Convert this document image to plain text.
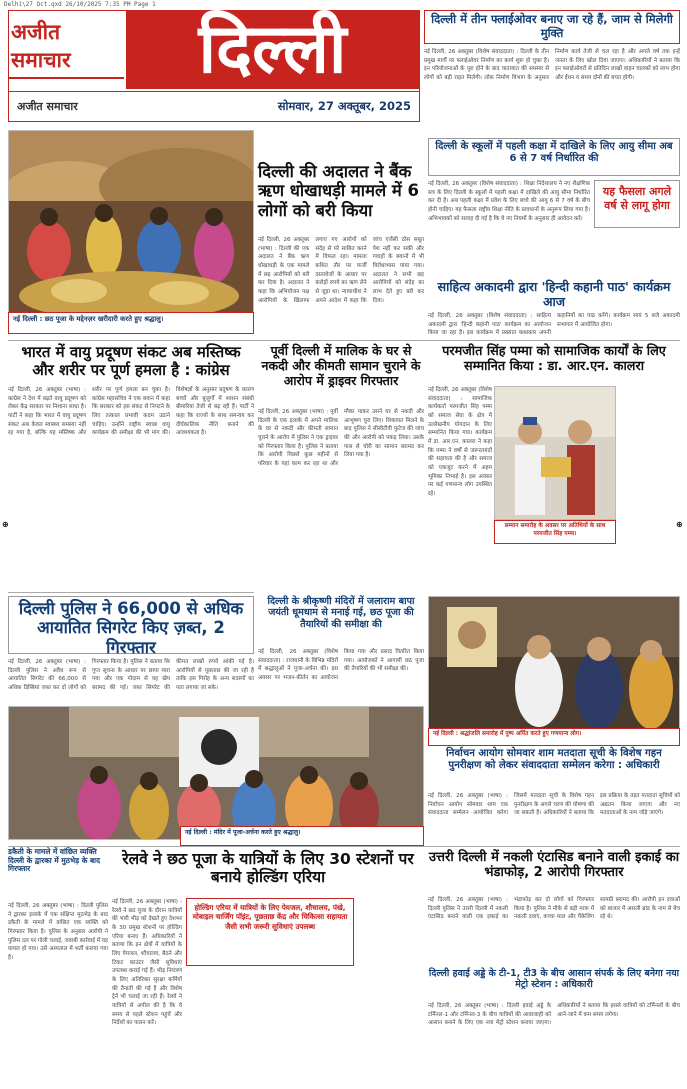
Delhi\27 Oct.qxd 26/10/2025 7:35 PM Page 1
अजीत समाचार	दिल्ली
अजीत समाचार	सोमवार, 27 अक्तूबर, 2025
दिल्ली में तीन फ्लाईओवर बनाए जा रहे हैं, जाम से मिलेगी मुक्ति
नई दिल्ली, 26 अक्तूबर (विशेष संवाददाता) : दिल्ली के तीन प्रमुख मार्गों पर फ्लाईओवर निर्माण का कार्य शुरू हो चुका है। इन परियोजनाओं के पूरा होने के बाद यातायात की समस्या से लोगों को बड़ी राहत मिलेगी। लोक निर्माण विभाग के अनुसार निर्माण कार्य तेजी से चल रहा है और अगले वर्ष तक इन्हें जनता के लिए खोल दिया जाएगा। अधिकारियों ने बताया कि इन फ्लाईओवरों से प्रतिदिन लाखों वाहन चालकों को लाभ होगा और ईंधन व समय दोनों की बचत होगी।
दिल्ली की अदालत ने बैंक ऋण धोखाधड़ी मामले में 6 लोगों को बरी किया
नई दिल्ली, 26 अक्तूबर (भाषा) : दिल्ली की एक अदालत ने बैंक ऋण धोखाधड़ी के एक मामले में छह आरोपियों को बरी कर दिया है। अदालत ने कहा कि अभियोजन पक्ष आरोपियों के खिलाफ लगाए गए आरोपों को संदेह से परे साबित करने में विफल रहा। मामला कथित तौर पर फर्जी दस्तावेजों के आधार पर करोड़ों रुपये का ऋण लेने से जुड़ा था। न्यायाधीश ने अपने आदेश में कहा कि जांच एजेंसी ठोस सबूत पेश नहीं कर सकी और गवाहों के बयानों में भी विरोधाभास पाया गया। अदालत ने सभी छह आरोपियों को संदेह का लाभ देते हुए बरी कर दिया।
नई दिल्ली : छठ पूजा के मद्देनज़र खरीदारी करते हुए श्रद्धालु।
दिल्ली के स्कूलों में पहली कक्षा में दाखिले के लिए आयु सीमा अब 6 से 7 वर्ष निर्धारित की
नई दिल्ली, 26 अक्तूबर (विशेष संवाददाता) : शिक्षा निदेशालय ने नए शैक्षणिक सत्र के लिए दिल्ली के स्कूलों में पहली कक्षा में दाखिले की आयु सीमा निर्धारित कर दी है। अब पहली कक्षा में प्रवेश के लिए बच्चे की आयु 6 से 7 वर्ष के बीच होनी चाहिए। यह फैसला राष्ट्रीय शिक्षा नीति के प्रावधानों के अनुरूप लिया गया है। अभिभावकों को सलाह दी गई है कि वे नए नियमों के अनुसार ही आवेदन करें।
यह फैसला अगले वर्ष से लागू होगा
साहित्य अकादमी द्वारा 'हिन्दी कहानी पाठ' कार्यक्रम आज
नई दिल्ली, 26 अक्तूबर (विशेष संवाददाता) : साहित्य अकादमी द्वारा 'हिन्दी कहानी पाठ' कार्यक्रम का आयोजन किया जा रहा है। इस कार्यक्रम में प्रख्यात कथाकार अपनी कहानियों का पाठ करेंगे। कार्यक्रम सायं 5 बजे अकादमी सभागार में आयोजित होगा।
भारत में वायु प्रदूषण संकट अब मस्तिष्क और शरीर पर पूर्ण हमला है : कांग्रेस
नई दिल्ली, 26 अक्तूबर (भाषा) : कांग्रेस ने देश में बढ़ते वायु प्रदूषण को लेकर केंद्र सरकार पर निशाना साधा है। पार्टी ने कहा कि भारत में वायु प्रदूषण संकट अब केवल स्वास्थ्य समस्या नहीं रह गया है, बल्कि यह मस्तिष्क और शरीर पर पूर्ण हमला बन चुका है। कांग्रेस महासचिव ने एक बयान में कहा कि सरकार को इस संकट से निपटने के लिए तत्काल प्रभावी कदम उठाने चाहिए। उन्होंने राष्ट्रीय स्वच्छ वायु कार्यक्रम की समीक्षा की भी मांग की। विशेषज्ञों के अनुसार प्रदूषण के कारण बच्चों और बुजुर्गों में श्वसन संबंधी बीमारियां तेजी से बढ़ रही हैं। पार्टी ने कहा कि राज्यों के साथ समन्वय कर दीर्घकालिक नीति बनाने की आवश्यकता है।
पूर्वी दिल्ली में मालिक के घर से नकदी और कीमती सामान चुराने के आरोप में ड्राइवर गिरफ्तार
नई दिल्ली, 26 अक्तूबर (भाषा) : पूर्वी दिल्ली के एक इलाके में अपने मालिक के घर से नकदी और कीमती सामान चुराने के आरोप में पुलिस ने एक ड्राइवर को गिरफ्तार किया है। पुलिस ने बताया कि आरोपी पिछले कुछ महीनों से परिवार के यहां काम कर रहा था और मौका पाकर उसने घर से नकदी और आभूषण चुरा लिए। शिकायत मिलने के बाद पुलिस ने सीसीटीवी फुटेज की जांच की और आरोपी को पकड़ लिया। उसके पास से चोरी का सामान बरामद कर लिया गया है।
परमजीत सिंह पम्मा को सामाजिक कार्यों के लिए सम्मानित किया : डा. आर.एन. कालरा
नई दिल्ली, 26 अक्तूबर (विशेष संवाददाता) : सामाजिक कार्यकर्ता परमजीत सिंह पम्मा को समाज सेवा के क्षेत्र में उल्लेखनीय योगदान के लिए सम्मानित किया गया। कार्यक्रम में डा. आर.एन. कालरा ने कहा कि पम्मा ने वर्षों से जरूरतमंदों की सहायता की है और समाज को एकजुट करने में अहम भूमिका निभाई है। इस अवसर पर कई गणमान्य लोग उपस्थित रहे।
सम्मान समारोह के अवसर पर अतिथियों के साथ परमजीत सिंह पम्मा।
दिल्ली पुलिस ने 66,000 से अधिक आयातित सिगरेट किए ज़ब्त, 2 गिरफ्तार
नई दिल्ली, 26 अक्तूबर (भाषा) : दिल्ली पुलिस ने अवैध रूप से आयातित सिगरेट की 66,000 से अधिक डिब्बियां जब्त कर दो लोगों को गिरफ्तार किया है। पुलिस ने बताया कि गुप्त सूचना के आधार पर छापा मारा गया और एक गोदाम से यह खेप बरामद की गई। जब्त सिगरेट की कीमत लाखों रुपये आंकी गई है। आरोपियों से पूछताछ की जा रही है ताकि इस गिरोह के अन्य सदस्यों का पता लगाया जा सके।
दिल्ली के श्रीकृष्णी मंदिरों में जलाराम बापा जयंती धूमधाम से मनाई गई, छठ पूजा की तैयारियों की समीक्षा की
नई दिल्ली, 26 अक्तूबर (विशेष संवाददाता) : राजधानी के विभिन्न मंदिरों में श्रद्धालुओं ने पूजा-अर्चना की। इस अवसर पर भजन-कीर्तन का आयोजन किया गया और प्रसाद वितरित किया गया। आयोजकों ने आगामी छठ पूजा की तैयारियों की भी समीक्षा की।
नई दिल्ली : मंदिर में पूजा-अर्चना करते हुए श्रद्धालु।
नई दिल्ली : श्रद्धांजलि समारोह में पुष्प अर्पित करते हुए गणमान्य लोग।
निर्वाचन आयोग सोमवार शाम मतदाता सूची के विशेष गहन पुनरीक्षण को लेकर संवाददाता सम्मेलन करेगा : अधिकारी
नई दिल्ली, 26 अक्तूबर (भाषा) : निर्वाचन आयोग सोमवार शाम एक संवाददाता सम्मेलन आयोजित करेगा जिसमें मतदाता सूची के विशेष गहन पुनरीक्षण के अगले चरण की घोषणा की जा सकती है। अधिकारियों ने बताया कि इस प्रक्रिया के तहत मतदाता सूचियों को अद्यतन किया जाएगा और नए मतदाताओं के नाम जोड़े जाएंगे।
डकैती के मामले में वांछित व्यक्ति दिल्ली के द्वारका में मुठभेड़ के बाद गिरफ्तार
नई दिल्ली, 26 अक्तूबर (भाषा) : दिल्ली पुलिस ने द्वारका इलाके में एक संक्षिप्त मुठभेड़ के बाद डकैती के मामले में वांछित एक व्यक्ति को गिरफ्तार किया है। पुलिस के अनुसार आरोपी ने पुलिस दल पर गोली चलाई, जवाबी कार्रवाई में वह घायल हो गया। उसे अस्पताल में भर्ती कराया गया है।
रेलवे ने छठ पूजा के यात्रियों के लिए 30 स्टेशनों पर बनाये होल्डिंग एरिया
नई दिल्ली, 26 अक्तूबर (भाषा) : रेलवे ने छठ पूजा के दौरान यात्रियों की भारी भीड़ को देखते हुए देशभर के 30 प्रमुख स्टेशनों पर होल्डिंग एरिया बनाए हैं। अधिकारियों ने बताया कि इन क्षेत्रों में यात्रियों के लिए पेयजल, शौचालय, बैठने और टिकट काउंटर जैसी सुविधाएं उपलब्ध कराई गई हैं। भीड़ नियंत्रण के लिए अतिरिक्त सुरक्षा कर्मियों की तैनाती की गई है और विशेष ट्रेनें भी चलाई जा रही हैं। रेलवे ने यात्रियों से अपील की है कि वे समय से पहले स्टेशन पहुंचें और निर्देशों का पालन करें।
होल्डिंग एरिया में यात्रियों के लिए पेयजल, शौचालय, पंखे, मोबाइल चार्जिंग पॉइंट, पूछताछ केंद्र और चिकित्सा सहायता जैसी सभी जरूरी सुविधाएं उपलब्ध
उत्तरी दिल्ली में नकली एंटासिड बनाने वाली इकाई का भंडाफोड़, 2 आरोपी गिरफ्तार
नई दिल्ली, 26 अक्तूबर (भाषा) : दिल्ली पुलिस ने उत्तरी दिल्ली में नकली एंटासिड बनाने वाली एक इकाई का भंडाफोड़ कर दो लोगों को गिरफ्तार किया है। पुलिस ने मौके से बड़ी मात्रा में नकली दवाएं, कच्चा माल और पैकेजिंग सामग्री बरामद की। आरोपी इन दवाओं को बाजार में असली ब्रांड के नाम से बेच रहे थे।
दिल्ली हवाई अड्डे के टी-1, टी3 के बीच आसान संपर्क के लिए बनेगा नया मेट्रो स्टेशन : अधिकारी
नई दिल्ली, 26 अक्तूबर (भाषा) : दिल्ली हवाई अड्डे के टर्मिनल-1 और टर्मिनल-3 के बीच यात्रियों की आवाजाही को आसान बनाने के लिए एक नया मेट्रो स्टेशन बनाया जाएगा। अधिकारियों ने बताया कि इससे यात्रियों को टर्मिनलों के बीच आने-जाने में कम समय लगेगा।
⊕	⊕
